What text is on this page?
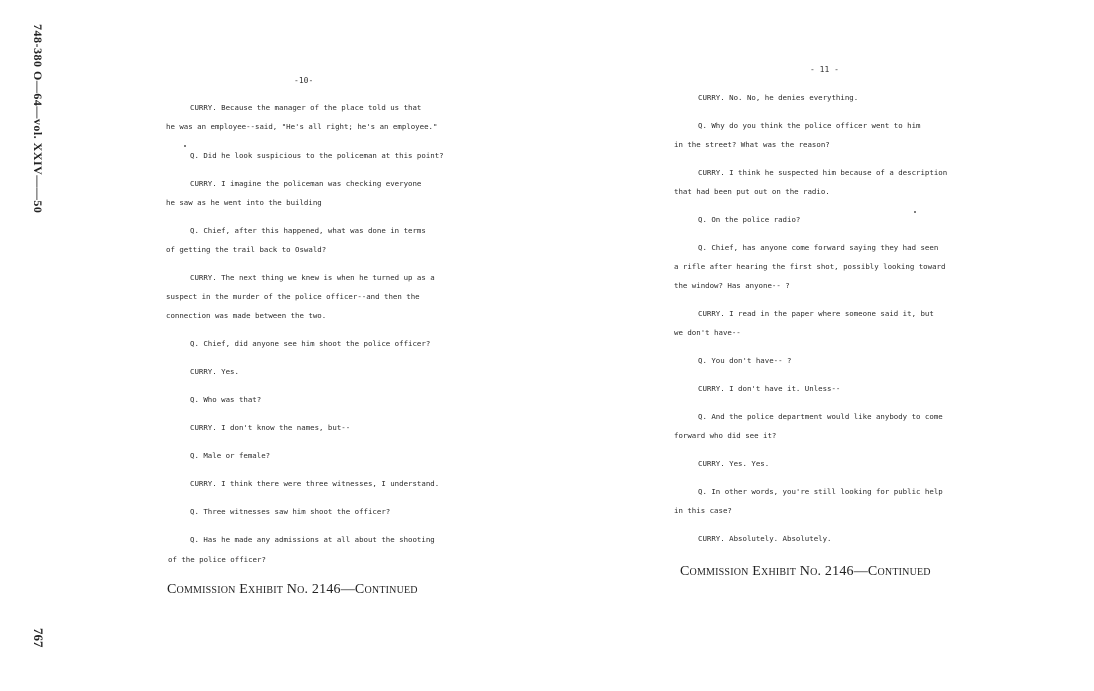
748-380 O—64—vol. XXIV——50
767
-10-
CURRY. Because the manager of the place told us that
he was an employee--said, "He's all right; he's an employee."
Q. Did he look suspicious to the policeman at this point?
CURRY. I imagine the policeman was checking everyone
he saw as he went into the building
Q. Chief, after this happened, what was done in terms
of getting the trail back to Oswald?
CURRY. The next thing we knew is when he turned up as a
suspect in the murder of the police officer--and then the
connection was made between the two.
Q. Chief, did anyone see him shoot the police officer?
CURRY. Yes.
Q. Who was that?
CURRY. I don't know the names, but--
Q. Male or female?
CURRY. I think there were three witnesses, I understand.
Q. Three witnesses saw him shoot the officer?
Q. Has he made any admissions at all about the shooting
of the police officer?
Commission Exhibit No. 2146—Continued
- 11 -
CURRY. No. No, he denies everything.
Q. Why do you think the police officer went to him
in the street? What was the reason?
CURRY. I think he suspected him because of a description
that had been put out on the radio.
Q. On the police radio?
Q. Chief, has anyone come forward saying they had seen
a rifle after hearing the first shot, possibly looking toward
the window? Has anyone-- ?
CURRY. I read in the paper where someone said it, but
we don't have--
Q. You don't have-- ?
CURRY. I don't have it. Unless--
Q. And the police department would like anybody to come
forward who did see it?
CURRY. Yes. Yes.
Q. In other words, you're still looking for public help
in this case?
CURRY. Absolutely. Absolutely.
Commission Exhibit No. 2146—Continued
